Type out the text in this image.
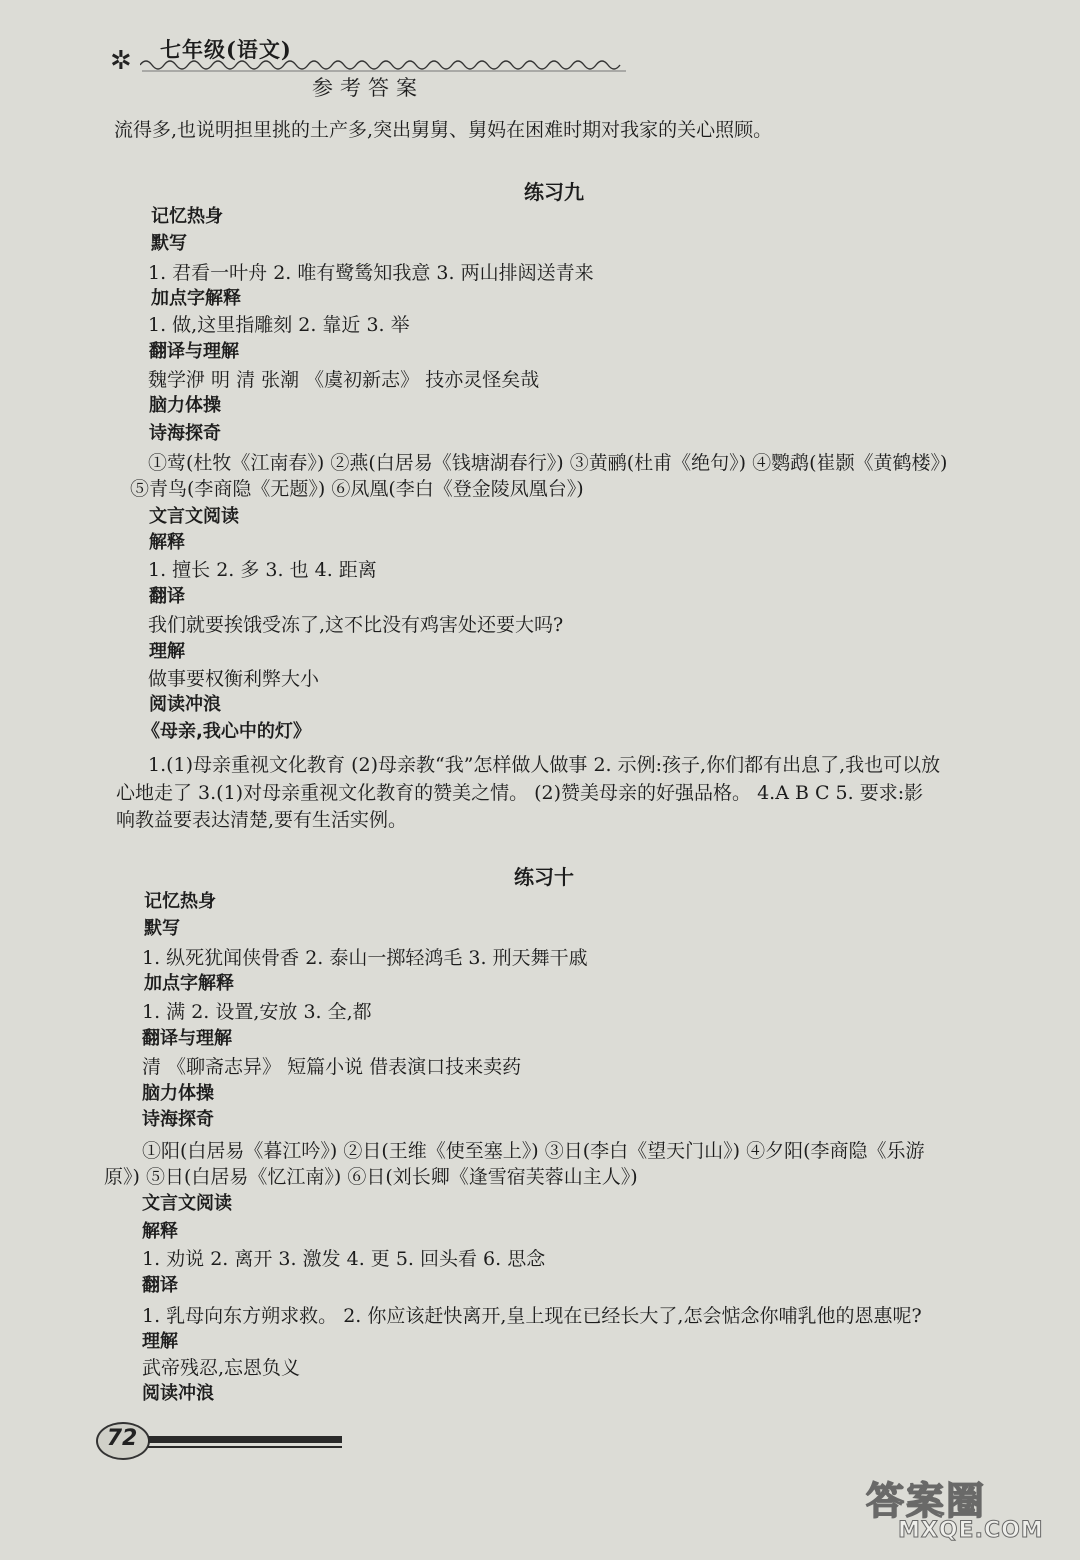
✲ 七年级(语文)
参考答案
流得多,也说明担里挑的土产多,突出舅舅、舅妈在困难时期对我家的关心照顾。
练习九
记忆热身
默写
1. 君看一叶舟 2. 唯有鹭鸶知我意 3. 两山排闼送青来
加点字解释
1. 做,这里指雕刻 2. 靠近 3. 举
翻译与理解
魏学洢 明 清 张潮 《虞初新志》 技亦灵怪矣哉
脑力体操
诗海探奇
①莺(杜牧《江南春》) ②燕(白居易《钱塘湖春行》) ③黄鹂(杜甫《绝句》) ④鹦鹉(崔颢《黄鹤楼》)
⑤青鸟(李商隐《无题》) ⑥凤凰(李白《登金陵凤凰台》)
文言文阅读
解释
1. 擅长 2. 多 3. 也 4. 距离
翻译
我们就要挨饿受冻了,这不比没有鸡害处还要大吗?
理解
做事要权衡利弊大小
阅读冲浪
《母亲,我心中的灯》
1.(1)母亲重视文化教育 (2)母亲教“我”怎样做人做事 2. 示例:孩子,你们都有出息了,我也可以放
心地走了 3.(1)对母亲重视文化教育的赞美之情。 (2)赞美母亲的好强品格。 4.A B C 5. 要求:影
响教益要表达清楚,要有生活实例。
练习十
记忆热身
默写
1. 纵死犹闻侠骨香 2. 泰山一掷轻鸿毛 3. 刑天舞干戚
加点字解释
1. 满 2. 设置,安放 3. 全,都
翻译与理解
清 《聊斋志异》 短篇小说 借表演口技来卖药
脑力体操
诗海探奇
①阳(白居易《暮江吟》) ②日(王维《使至塞上》) ③日(李白《望天门山》) ④夕阳(李商隐《乐游
原》) ⑤日(白居易《忆江南》) ⑥日(刘长卿《逢雪宿芙蓉山主人》)
文言文阅读
解释
1. 劝说 2. 离开 3. 激发 4. 更 5. 回头看 6. 思念
翻译
1. 乳母向东方朔求救。 2. 你应该赶快离开,皇上现在已经长大了,怎会惦念你哺乳他的恩惠呢?
理解
武帝残忍,忘恩负义
阅读冲浪
72
答案圈
MXQE.COM
